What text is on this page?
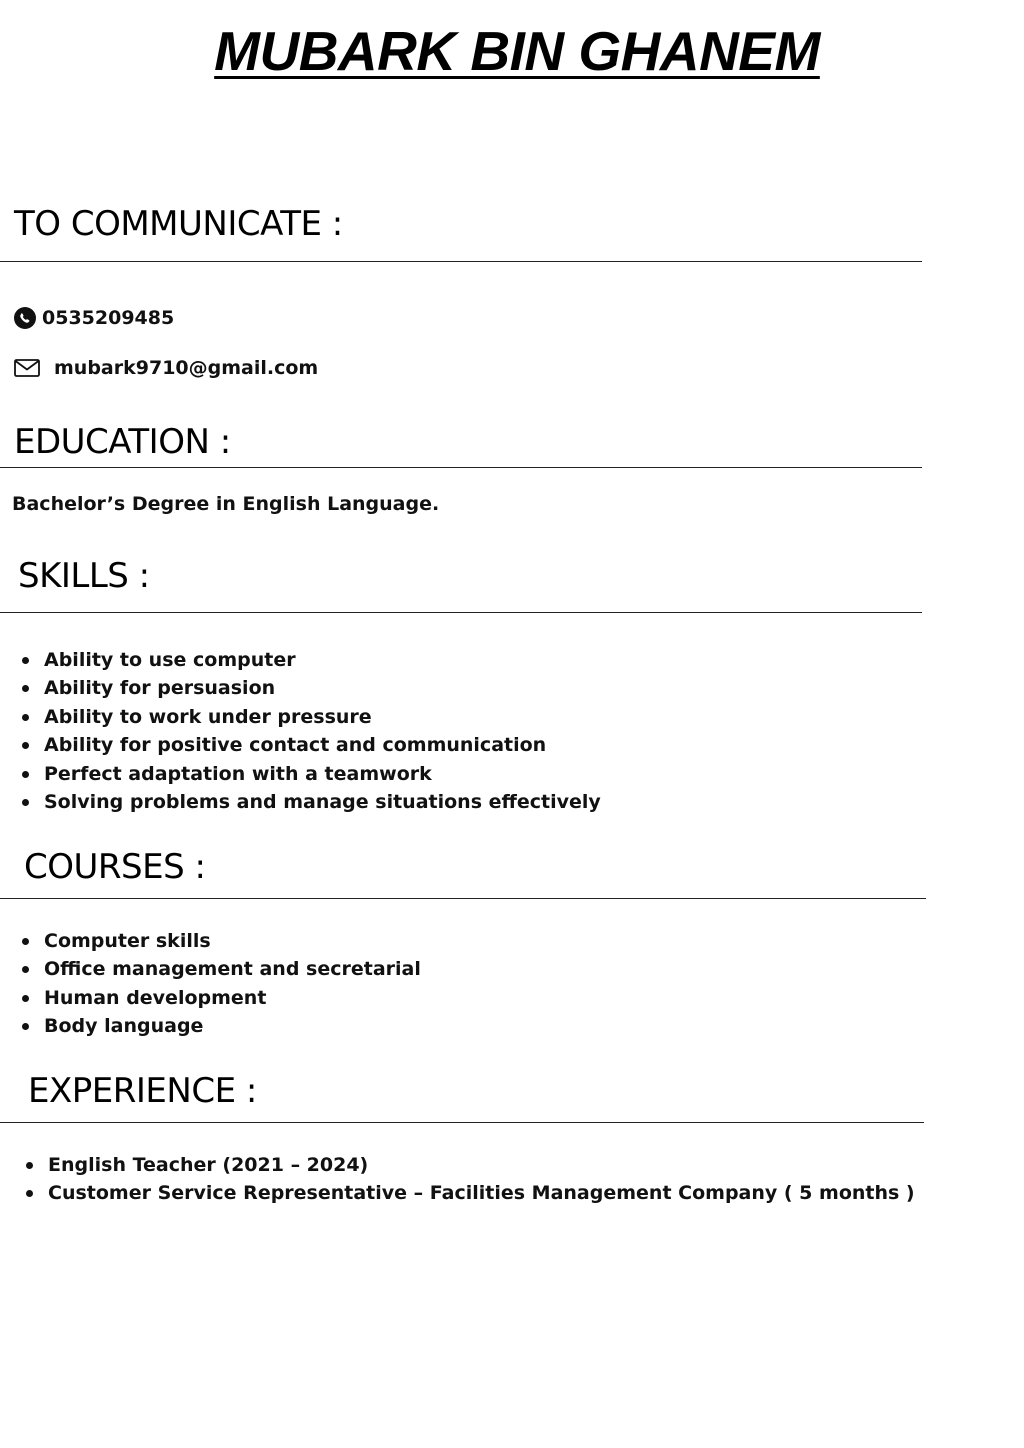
MUBARK BIN GHANEM
TO COMMUNICATE :
0535209485
mubark9710@gmail.com
EDUCATION :

Bachelor’s Degree in English Language.

SKILLS :
Ability to use computer
Ability for persuasion
Ability to work under pressure
Ability for positive contact and communication
Perfect adaptation with a teamwork
Solving problems and manage situations effectively
COURSES :
Computer skills
Office management and secretarial
Human development
Body language
EXPERIENCE :
English Teacher (2021 – 2024)
Customer Service Representative – Facilities Management Company ( 5 months )
